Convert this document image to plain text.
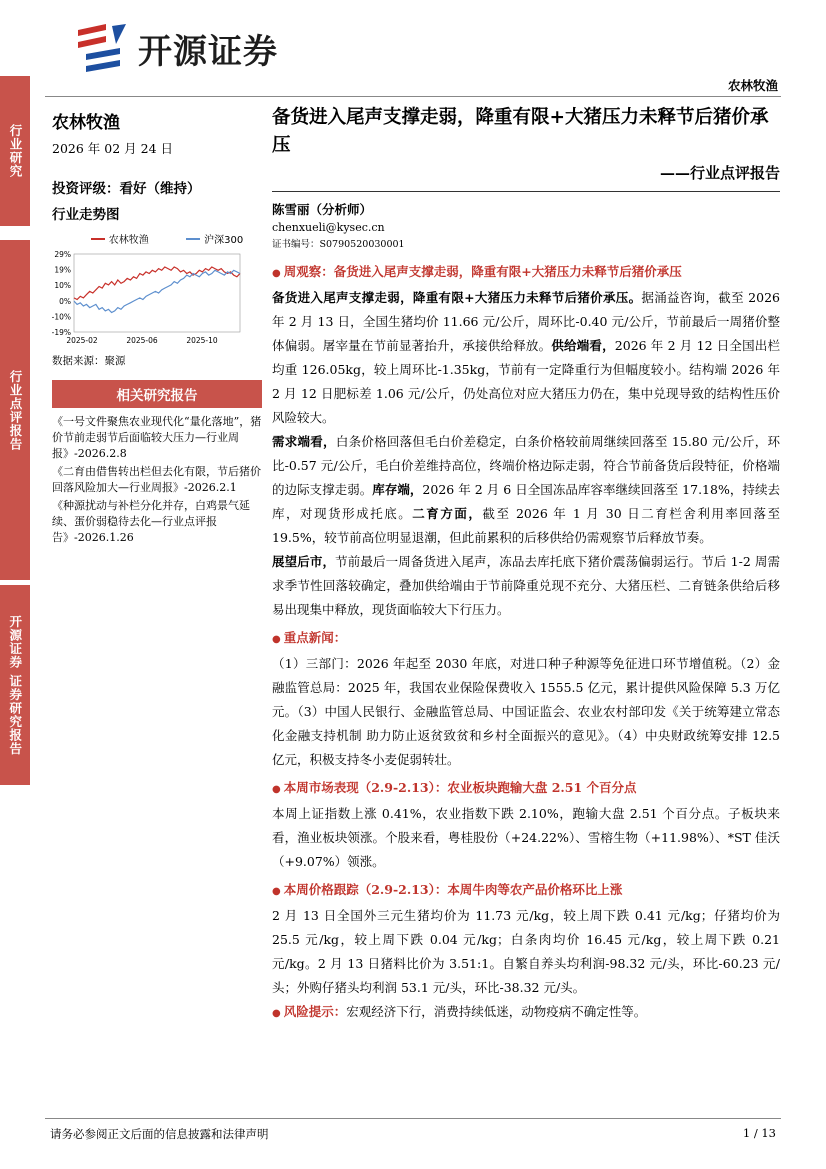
开源证券
农林牧渔
行业研究
行业点评报告
开源证券 证券研究报告
农林牧渔
2026 年 02 月 24 日
投资评级：看好（维持）
行业走势图
农林牧渔	沪深300
29%
19%
10%
0%
-10%
-19%
2025-02	2025-06	2025-10
数据来源：聚源
相关研究报告
《一号文件聚焦农业现代化“量化落地”，猪价节前走弱节后面临较大压力—行业周报》-2026.2.8
《二育由借售转出栏但去化有限，节后猪价回落风险加大—行业周报》-2026.2.1
《种源扰动与补栏分化并存，白鸡景气延续、蛋价弱稳待去化—行业点评报告》-2026.1.26
备货进入尾声支撑走弱，降重有限+大猪压力未释节后猪价承压
——行业点评报告
陈雪丽（分析师）
chenxueli@kysec.cn
证书编号：S0790520030001
● 周观察：备货进入尾声支撑走弱，降重有限+大猪压力未释节后猪价承压

备货进入尾声支撑走弱，降重有限+大猪压力未释节后猪价承压。据涌益咨询，截至 2026 年 2 月 13 日，全国生猪均价 11.66 元/公斤，周环比-0.40 元/公斤，节前最后一周猪价整体偏弱。屠宰量在节前显著抬升，承接供给释放。供给端看，2026 年 2 月 12 日全国出栏均重 126.05kg，较上周环比-1.35kg，节前有一定降重行为但幅度较小。结构端 2026 年 2 月 12 日肥标差 1.06 元/公斤，仍处高位对应大猪压力仍在，集中兑现导致的结构性压价风险较大。

需求端看，白条价格回落但毛白价差稳定，白条价格较前周继续回落至 15.80 元/公斤，环比-0.57 元/公斤，毛白价差维持高位，终端价格边际走弱，符合节前备货后段特征，价格端的边际支撑走弱。库存端，2026 年 2 月 6 日全国冻品库容率继续回落至 17.18%，持续去库，对现货形成托底。二育方面，截至 2026 年 1 月 30 日二育栏舍利用率回落至 19.5%，较节前高位明显退潮，但此前累积的后移供给仍需观察节后释放节奏。

展望后市，节前最后一周备货进入尾声，冻品去库托底下猪价震荡偏弱运行。节后 1-2 周需求季节性回落较确定，叠加供给端由于节前降重兑现不充分、大猪压栏、二育链条供给后移易出现集中释放，现货面临较大下行压力。

● 重点新闻：

（1）三部门：2026 年起至 2030 年底，对进口种子种源等免征进口环节增值税。（2）金融监管总局：2025 年，我国农业保险保费收入 1555.5 亿元，累计提供风险保障 5.3 万亿元。（3）中国人民银行、金融监管总局、中国证监会、农业农村部印发《关于统筹建立常态化金融支持机制 助力防止返贫致贫和乡村全面振兴的意见》。（4）中央财政统筹安排 12.5 亿元，积极支持冬小麦促弱转壮。

● 本周市场表现（2.9-2.13）：农业板块跑输大盘 2.51 个百分点

本周上证指数上涨 0.41%，农业指数下跌 2.10%，跑输大盘 2.51 个百分点。子板块来看，渔业板块领涨。个股来看，粤桂股份（+24.22%）、雪榕生物（+11.98%）、*ST 佳沃（+9.07%）领涨。

● 本周价格跟踪（2.9-2.13）：本周牛肉等农产品价格环比上涨

2 月 13 日全国外三元生猪均价为 11.73 元/kg，较上周下跌 0.41 元/kg；仔猪均价为 25.5 元/kg，较上周下跌 0.04 元/kg；白条肉均价 16.45 元/kg，较上周下跌 0.21 元/kg。2 月 13 日猪料比价为 3.51:1。自繁自养头均利润-98.32 元/头，环比-60.23 元/头；外购仔猪头均利润 53.1 元/头，环比-38.32 元/头。

● 风险提示：宏观经济下行，消费持续低迷，动物疫病不确定性等。
请务必参阅正文后面的信息披露和法律声明	1 / 13
